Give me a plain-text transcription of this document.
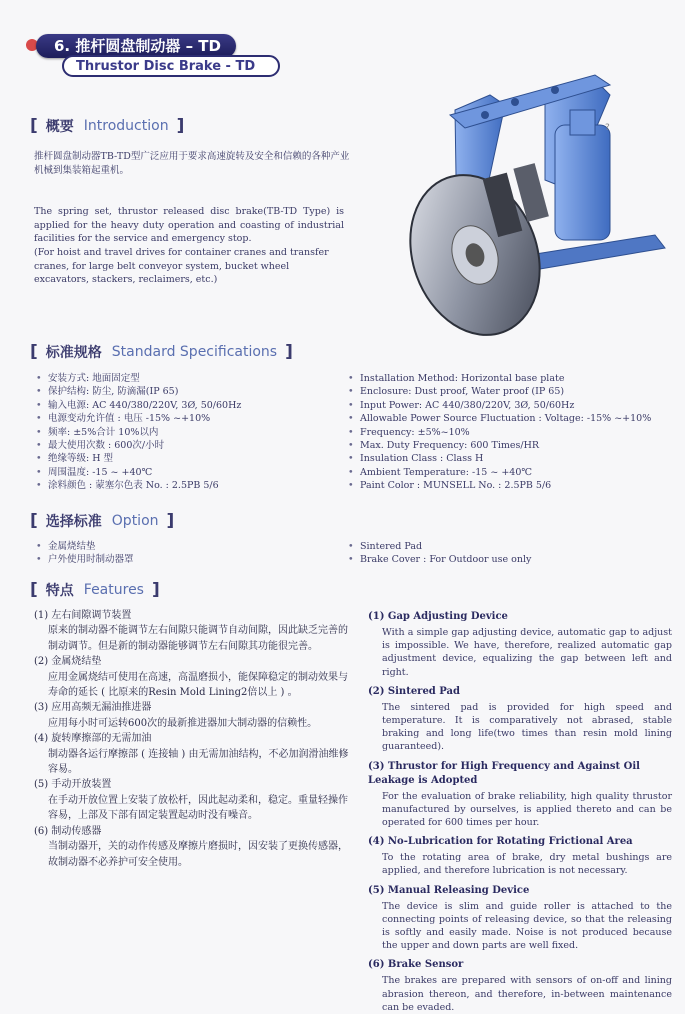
6. 推杆圆盘制动器 – TD
Thrustor Disc Brake - TD
?
[ 概要 Introduction ]
推杆圆盘制动器TB-TD型广泛应用于要求高速旋转及安全和信赖的各种产业机械到集装箱起重机。
The spring set, thrustor released disc brake(TB-TD Type) is applied for the heavy duty operation and coasting of industrial facilities for the service and emergency stop.
(For hoist and travel drives for container cranes and transfer cranes, for large belt conveyor system, bucket wheel excavators, stackers, reclaimers, etc.)
[ 标准规格 Standard Specifications ]
• 安装方式: 地面固定型
• 保护结构: 防尘, 防滴漏(IP 65)
• 输入电源: AC 440/380/220V, 3Ø, 50/60Hz
• 电源变动允许值 : 电压 -15% ~+10%
• 频率: ±5%合计 10%以内
• 最大使用次数 : 600次/小时
• 绝缘等级: H 型
• 周围温度: -15 ~ +40℃
• 涂料颜色 : 蒙塞尔色表 No. : 2.5PB 5/6
• Installation Method: Horizontal base plate
• Enclosure: Dust proof, Water proof (IP 65)
• Input Power: AC 440/380/220V, 3Ø, 50/60Hz
• Allowable Power Source Fluctuation : Voltage: -15% ~+10%
• Frequency: ±5%~10%
• Max. Duty Frequency: 600 Times/HR
• Insulation Class : Class H
• Ambient Temperature: -15 ~ +40℃
• Paint Color : MUNSELL No. : 2.5PB 5/6
[ 选择标准 Option ]
• 金属烧结垫
• 户外使用时制动器罩
• Sintered Pad
• Brake Cover : For Outdoor use only
[ 特点 Features ]
(1) 左右间隙调节装置
原来的制动器不能调节左右间隙只能调节自动间隙，因此缺乏完善的制动调节。但是新的制动器能够调节左右间隙其功能很完善。
(2) 金属烧结垫
应用金属烧结可使用在高速，高温磨损小，能保障稳定的制动效果与寿命的延长 ( 比原来的Resin Mold Lining2倍以上 ) 。
(3) 应用高频无漏油推进器
应用每小时可运转600次的最新推进器加大制动器的信赖性。
(4) 旋转摩擦部的无需加油
制动器各运行摩擦部 ( 连接轴 ) 由无需加油结构，不必加润滑油维修容易。
(5) 手动开放装置
在手动开放位置上安装了放松杆，因此起动柔和，稳定。重量轻操作容易，上部及下部有固定装置起动时没有噪音。
(6) 制动传感器
当制动器开，关的动作传感及摩擦片磨损时，因安装了更换传感器，故制动器不必养护可安全使用。
(1) Gap Adjusting Device
With a simple gap adjusting device, automatic gap to adjust is impossible. We have, therefore, realized automatic gap adjustment device, equalizing the gap between left and right.
(2) Sintered Pad
The sintered pad is provided for high speed and temperature. It is comparatively not abrased, stable braking and long life(two times than resin mold lining guaranteed).
(3) Thrustor for High Frequency and Against Oil Leakage is Adopted
For the evaluation of brake reliability, high quality thrustor manufactured by ourselves, is applied thereto and can be operated for 600 times per hour.
(4) No-Lubrication for Rotating Frictional Area
To the rotating area of brake, dry metal bushings are applied, and therefore lubrication is not necessary.
(5) Manual Releasing Device
The device is slim and guide roller is attached to the connecting points of releasing device, so that the releasing is softly and easily made. Noise is not produced because the upper and down parts are well fixed.
(6) Brake Sensor
The brakes are prepared with sensors of on-off and lining abrasion thereon, and therefore, in-between maintenance can be evaded.
